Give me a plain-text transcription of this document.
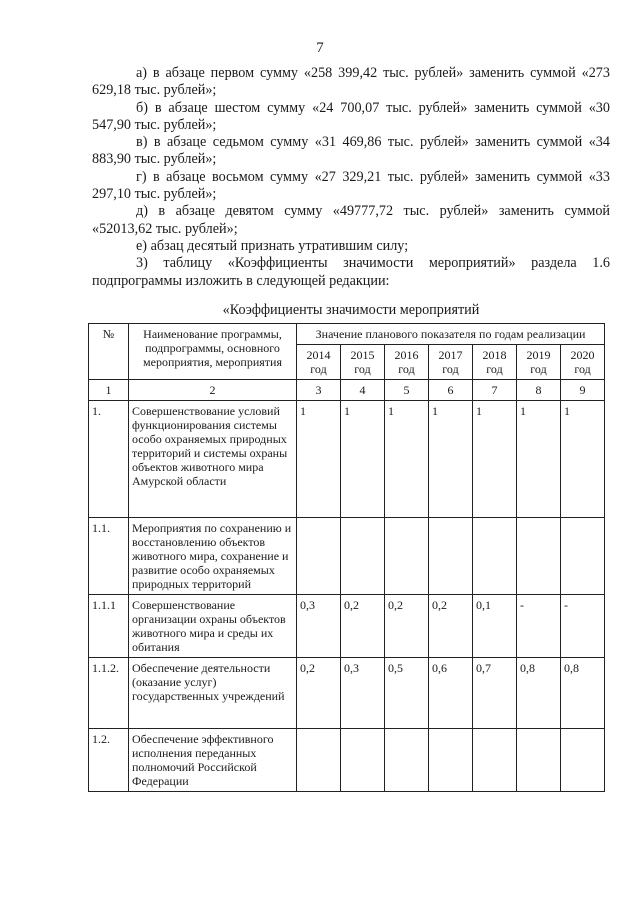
7

а) в абзаце первом сумму «258 399,42 тыс. рублей» заменить суммой «273 629,18 тыс. рублей»;

б) в абзаце шестом сумму «24 700,07 тыс. рублей» заменить суммой «30 547,90 тыс. рублей»;

в) в абзаце седьмом сумму «31 469,86 тыс. рублей» заменить суммой «34 883,90 тыс. рублей»;

г) в абзаце восьмом сумму «27 329,21 тыс. рублей» заменить суммой «33 297,10 тыс. рублей»;

д) в абзаце девятом сумму «49777,72 тыс. рублей» заменить суммой «52013,62 тыс. рублей»;

е) абзац десятый признать утратившим силу;

3) таблицу «Коэффициенты значимости мероприятий» раздела 1.6 подпрограммы изложить в следующей редакции:

«Коэффициенты значимости мероприятий
№	Наименование программы, подпрограммы, основного мероприятия, мероприятия	Значение планового показателя по годам реализации						
		2014 год	2015 год	2016 год	2017 год	2018 год	2019 год	2020 год
1	2	3	4	5	6	7	8	9
1.	Совершенствование условий функционирования системы особо охраняемых природных территорий и системы охраны объектов животного мира Амурской области	1	1	1	1	1	1	1
1.1.	Мероприятия по сохранению и восстановлению объектов животного мира, сохранение и развитие особо охраняемых природных территорий							
1.1.1	Совершенствование организации охраны объектов животного мира и среды их обитания	0,3	0,2	0,2	0,2	0,1	-	-
1.1.2.	Обеспечение деятельности (оказание услуг) государственных учреждений	0,2	0,3	0,5	0,6	0,7	0,8	0,8
1.2.	Обеспечение эффективного исполнения переданных полномочий Российской Федерации							
